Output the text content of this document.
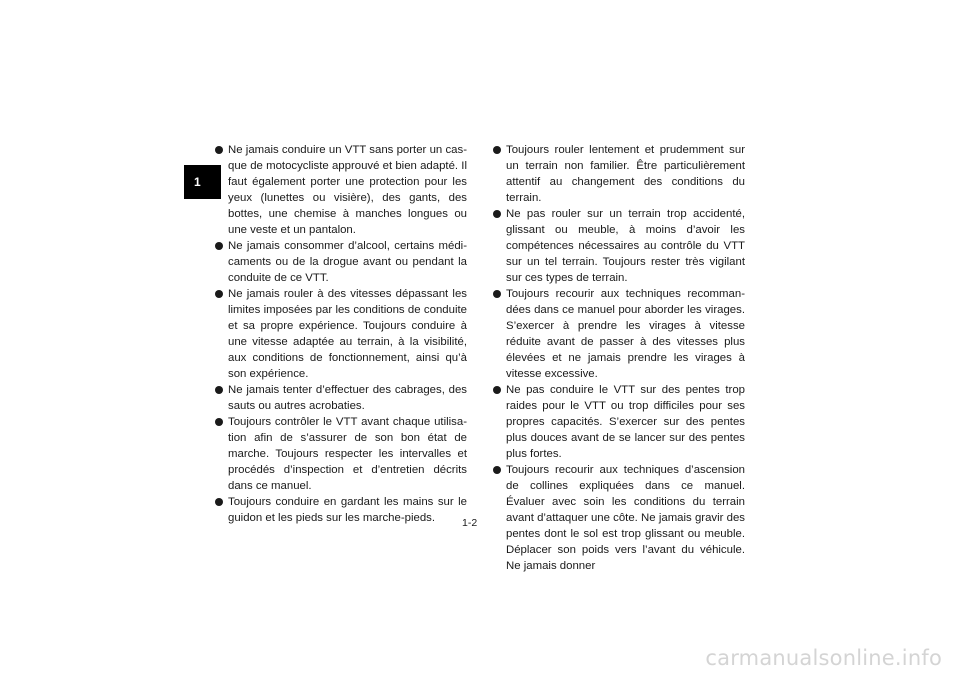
1
Ne jamais conduire un VTT sans porter un casque de motocycliste approuvé et bien adapté. Il faut également porter une protection pour les yeux (lunettes ou visière), des gants, des bottes, une chemise à manches longues ou une veste et un pantalon.
Ne jamais consommer d’alcool, certains médicaments ou de la drogue avant ou pendant la conduite de ce VTT.
Ne jamais rouler à des vitesses dépassant les limites imposées par les conditions de conduite et sa propre expérience. Toujours conduire à une vitesse adaptée au terrain, à la visibilité, aux conditions de fonctionnement, ainsi qu’à son expérience.
Ne jamais tenter d’effectuer des cabrages, des sauts ou autres acrobaties.
Toujours contrôler le VTT avant chaque utilisation afin de s’assurer de son bon état de marche. Toujours respecter les intervalles et procédés d’inspection et d’entretien décrits dans ce manuel.
Toujours conduire en gardant les mains sur le guidon et les pieds sur les marche-pieds.
Toujours rouler lentement et prudemment sur un terrain non familier. Être particulièrement attentif au changement des conditions du terrain.
Ne pas rouler sur un terrain trop accidenté, glissant ou meuble, à moins d’avoir les compétences nécessaires au contrôle du VTT sur un tel terrain. Toujours rester très vigilant sur ces types de terrain.
Toujours recourir aux techniques recommandées dans ce manuel pour aborder les virages. S’exercer à prendre les virages à vitesse réduite avant de passer à des vitesses plus élevées et ne jamais prendre les virages à vitesse excessive.
Ne pas conduire le VTT sur des pentes trop raides pour le VTT ou trop difficiles pour ses propres capacités. S’exercer sur des pentes plus douces avant de se lancer sur des pentes plus fortes.
Toujours recourir aux techniques d’ascension de collines expliquées dans ce manuel. Évaluer avec soin les conditions du terrain avant d’attaquer une côte. Ne jamais gravir des pentes dont le sol est trop glissant ou meuble. Déplacer son poids vers l’avant du véhicule. Ne jamais donner
1-2
carmanualsonline.info
